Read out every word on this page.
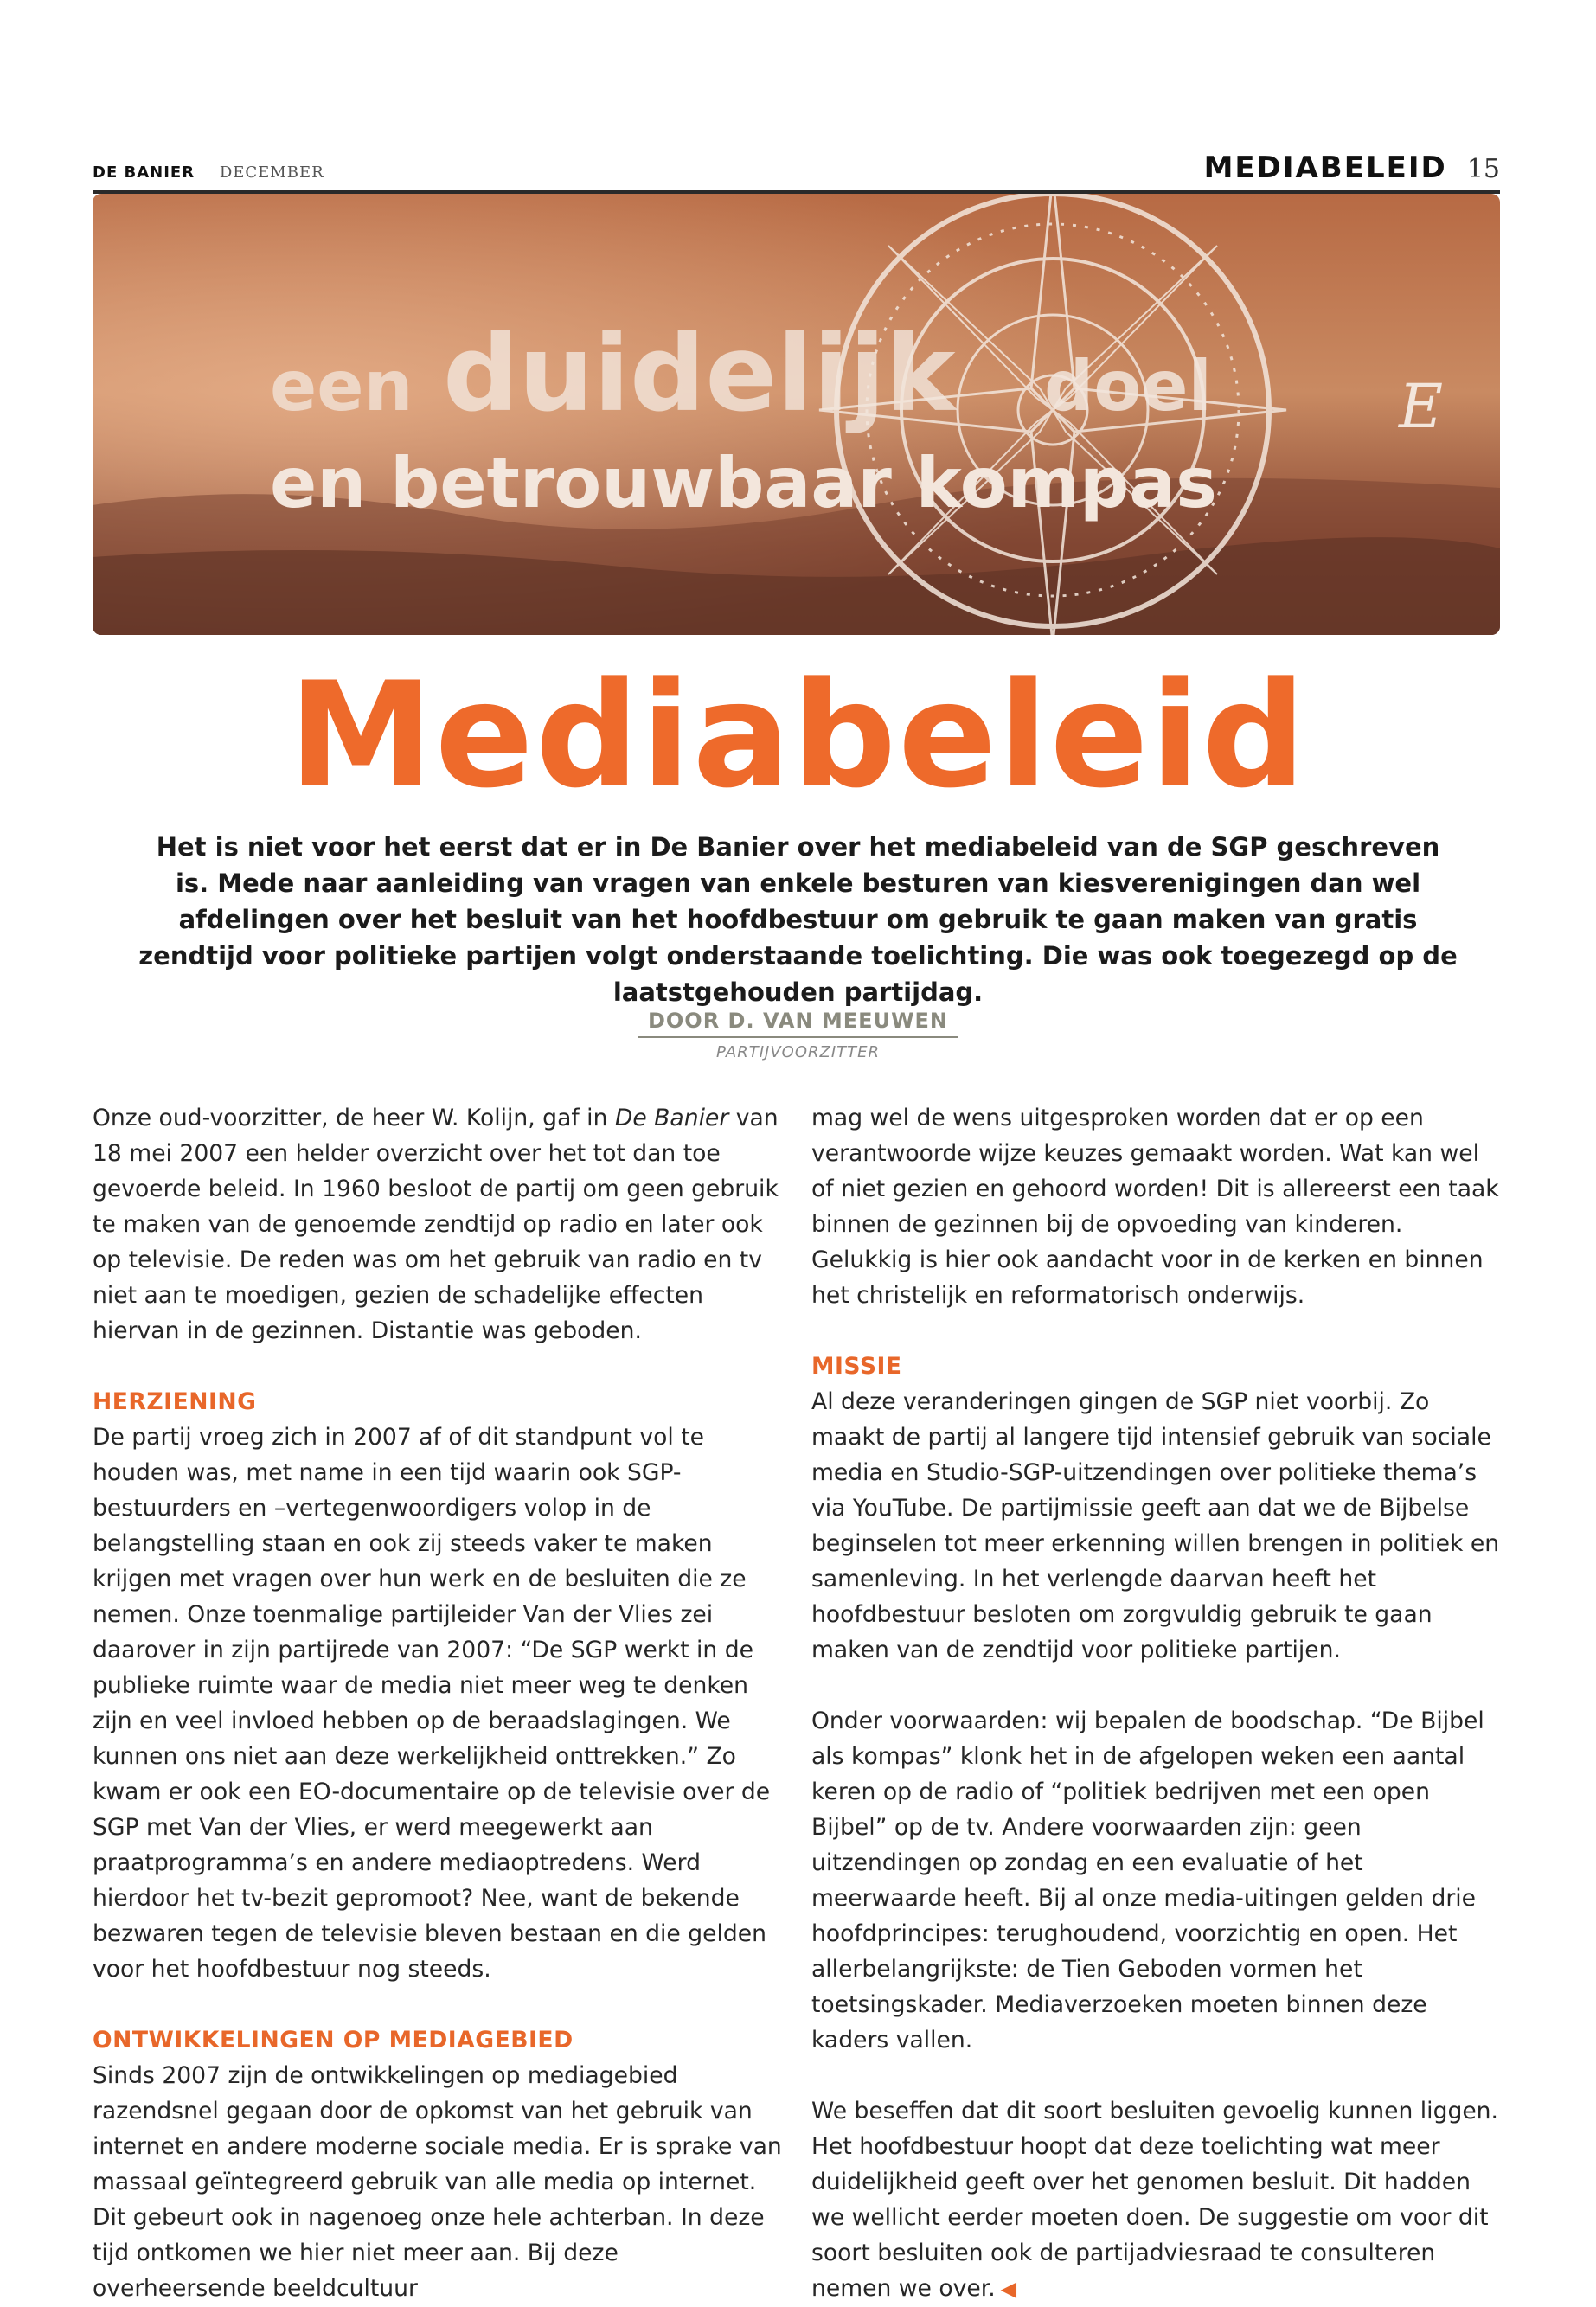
DE BANIER DECEMBER	MEDIABELEID 15
een duidelijk doel
en betrouwbaar kompas
E
Mediabeleid
Het is niet voor het eerst dat er in De Banier over het mediabeleid van de SGP geschreven is. Mede naar aanleiding van vragen van enkele besturen van kiesverenigingen dan wel afdelingen over het besluit van het hoofdbestuur om gebruik te gaan maken van gratis zendtijd voor politieke partijen volgt onderstaande toelichting. Die was ook toegezegd op de laatstgehouden partijdag.
DOOR D. VAN MEEUWEN
PARTIJVOORZITTER

Onze oud-voorzitter, de heer W. Kolijn, gaf in De Banier van 18 mei 2007 een helder overzicht over het tot dan toe gevoerde beleid. In 1960 besloot de partij om geen gebruik te maken van de genoemde zendtijd op radio en later ook op televisie. De reden was om het gebruik van radio en tv niet aan te moedigen, gezien de schadelijke effecten hiervan in de gezinnen. Distantie was geboden.

HERZIENING

De partij vroeg zich in 2007 af of dit standpunt vol te houden was, met name in een tijd waarin ook SGP-bestuurders en –vertegenwoordigers volop in de belangstelling staan en ook zij steeds vaker te maken krijgen met vragen over hun werk en de besluiten die ze nemen. Onze toenmalige partijleider Van der Vlies zei daarover in zijn partijrede van 2007: “De SGP werkt in de publieke ruimte waar de media niet meer weg te denken zijn en veel invloed hebben op de beraadslagingen. We kunnen ons niet aan deze werkelijkheid onttrekken.” Zo kwam er ook een EO-documentaire op de televisie over de SGP met Van der Vlies, er werd meegewerkt aan praatprogramma’s en andere mediaoptredens. Werd hierdoor het tv-bezit gepromoot? Nee, want de bekende bezwaren tegen de televisie bleven bestaan en die gelden voor het hoofdbestuur nog steeds.

ONTWIKKELINGEN OP MEDIAGEBIED

Sinds 2007 zijn de ontwikkelingen op mediagebied razendsnel gegaan door de opkomst van het gebruik van internet en andere moderne sociale media. Er is sprake van massaal geïntegreerd gebruik van alle media op internet. Dit gebeurt ook in nagenoeg onze hele achterban. In deze tijd ontkomen we hier niet meer aan. Bij deze overheersende beeldcultuur

mag wel de wens uitgesproken worden dat er op een verantwoorde wijze keuzes gemaakt worden. Wat kan wel of niet gezien en gehoord worden! Dit is allereerst een taak binnen de gezinnen bij de opvoeding van kinderen. Gelukkig is hier ook aandacht voor in de kerken en binnen het christelijk en reformatorisch onderwijs.

MISSIE

Al deze veranderingen gingen de SGP niet voorbij. Zo maakt de partij al langere tijd intensief gebruik van sociale media en Studio-SGP-uitzendingen over politieke thema’s via YouTube. De partijmissie geeft aan dat we de Bijbelse beginselen tot meer erkenning willen brengen in politiek en samenleving. In het verlengde daarvan heeft het hoofdbestuur besloten om zorgvuldig gebruik te gaan maken van de zendtijd voor politieke partijen.

Onder voorwaarden: wij bepalen de boodschap. “De Bijbel als kompas” klonk het in de afgelopen weken een aantal keren op de radio of “politiek bedrijven met een open Bijbel” op de tv. Andere voorwaarden zijn: geen uitzendingen op zondag en een evaluatie of het meerwaarde heeft. Bij al onze media-uitingen gelden drie hoofdprincipes: terughoudend, voorzichtig en open. Het allerbelangrijkste: de Tien Geboden vormen het toetsingskader. Mediaverzoeken moeten binnen deze kaders vallen.

We beseffen dat dit soort besluiten gevoelig kunnen liggen. Het hoofdbestuur hoopt dat deze toelichting wat meer duidelijkheid geeft over het genomen besluit. Dit hadden we wellicht eerder moeten doen. De suggestie om voor dit soort besluiten ook de partijadviesraad te consulteren nemen we over. ◀
